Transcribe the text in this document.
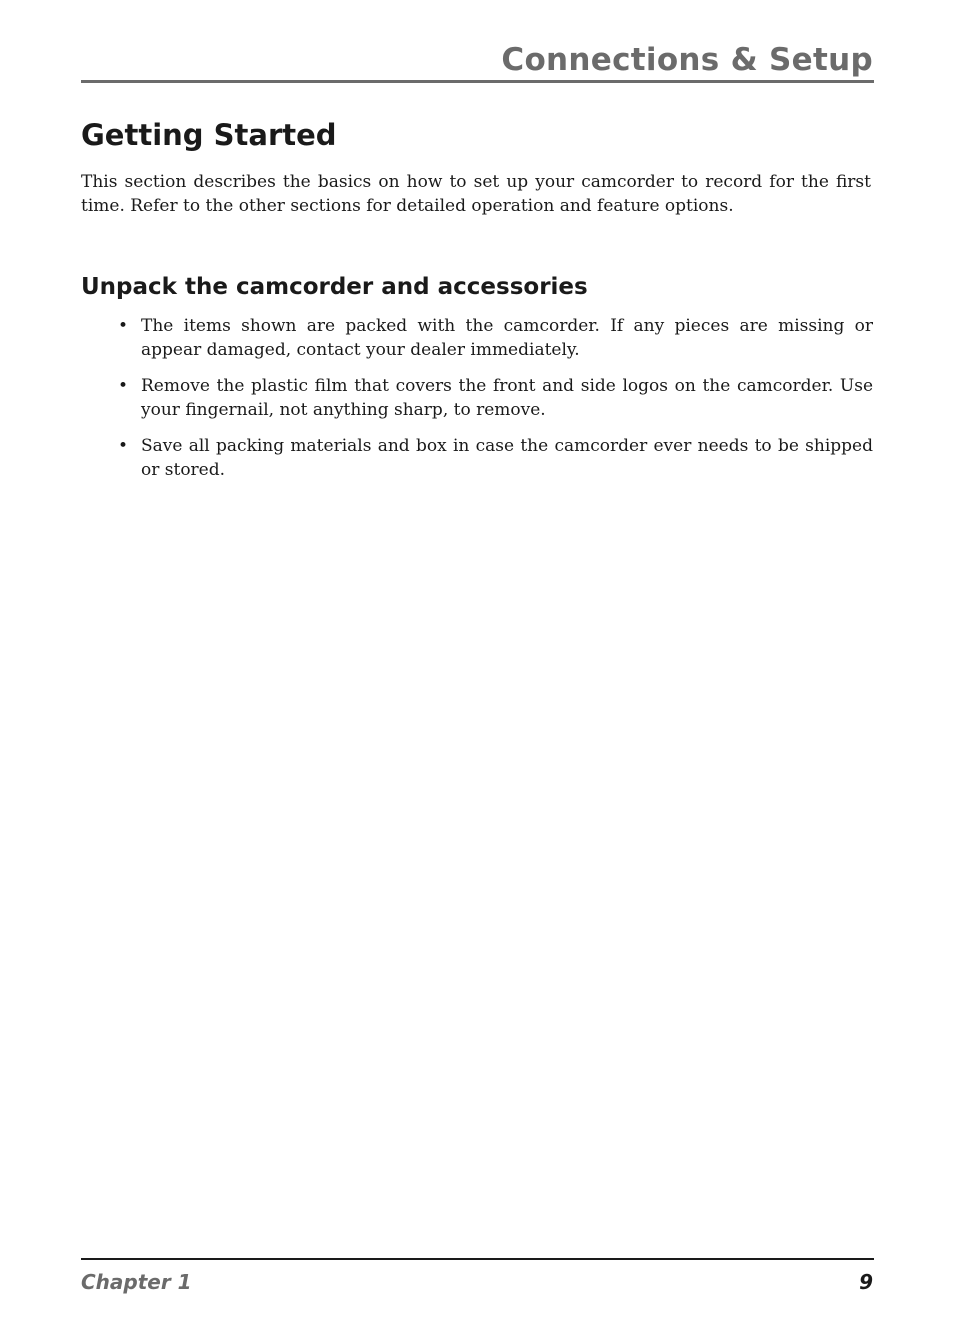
Connections & Setup
Getting Started

This section describes the basics on how to set up your camcorder to record for the first time. Refer to the other sections for detailed operation and feature options.

Unpack the camcorder and accessories
• The items shown are packed with the camcorder. If any pieces are missing or appear damaged, contact your dealer immediately.
• Remove the plastic film that covers the front and side logos on the camcorder. Use your fingernail, not anything sharp, to remove.
• Save all packing materials and box in case the camcorder ever needs to be shipped or stored.
Chapter 1	9
